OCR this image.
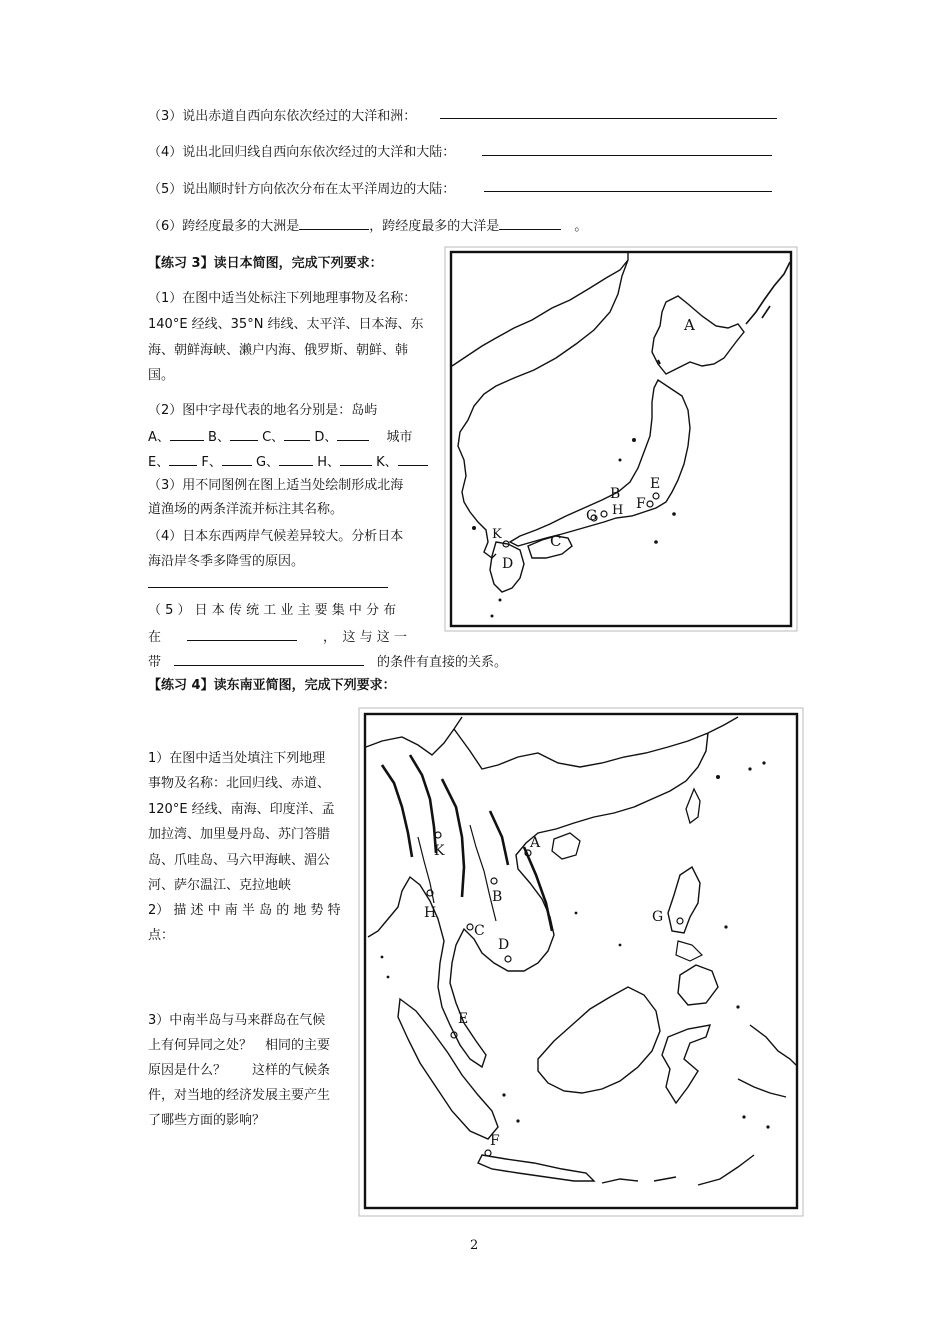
（3）说出赤道自西向东依次经过的大洋和洲：
（4）说出北回归线自西向东依次经过的大洋和大陆：
（5）说出顺时针方向依次分布在太平洋周边的大陆：
（6）跨经度最多的大洲是	，跨经度最多的大洋是　	。
【练习 3】读日本简图，完成下列要求：
（1）在图中适当处标注下列地理事物及名称：
140°E 经线、35°N 纬线、太平洋、日本海、东
海、朝鲜海峡、濑户内海、俄罗斯、朝鲜、韩
国。
（2）图中字母代表的地名分别是：岛屿
A、	B、 C、 D、 　	城市
E、 F、	G、	H、	K、
（3）用不同图例在图上适当处绘制形成北海
道渔场的两条洋流并标注其名称。
（4）日本东西两岸气候差异较大。分析日本
海沿岸冬季多降雪的原因。
（ 5 ） 日 本 传 统 工 业 主 要 集 中 分 布
在　　　　	，　这 与 这 一
带　　	的条件有直接的关系。
A
B
C
D
E
F
G H
K
【练习 4】读东南亚简图，完成下列要求：
1）在图中适当处填注下列地理
事物及名称：北回归线、赤道、
120°E 经线、南海、印度洋、孟
加拉湾、加里曼丹岛、苏门答腊
岛、爪哇岛、马六甲海峡、湄公
河、萨尔温江、克拉地峡
2） 描 述 中 南 半 岛 的 地 势 特
点：
3）中南半岛与马来群岛在气候
上有何异同之处？　相同的主要
原因是什么？　　这样的气候条
件，对当地的经济发展主要产生
了哪些方面的影响？
A
B
C
D
E
F
G
H
K
2
